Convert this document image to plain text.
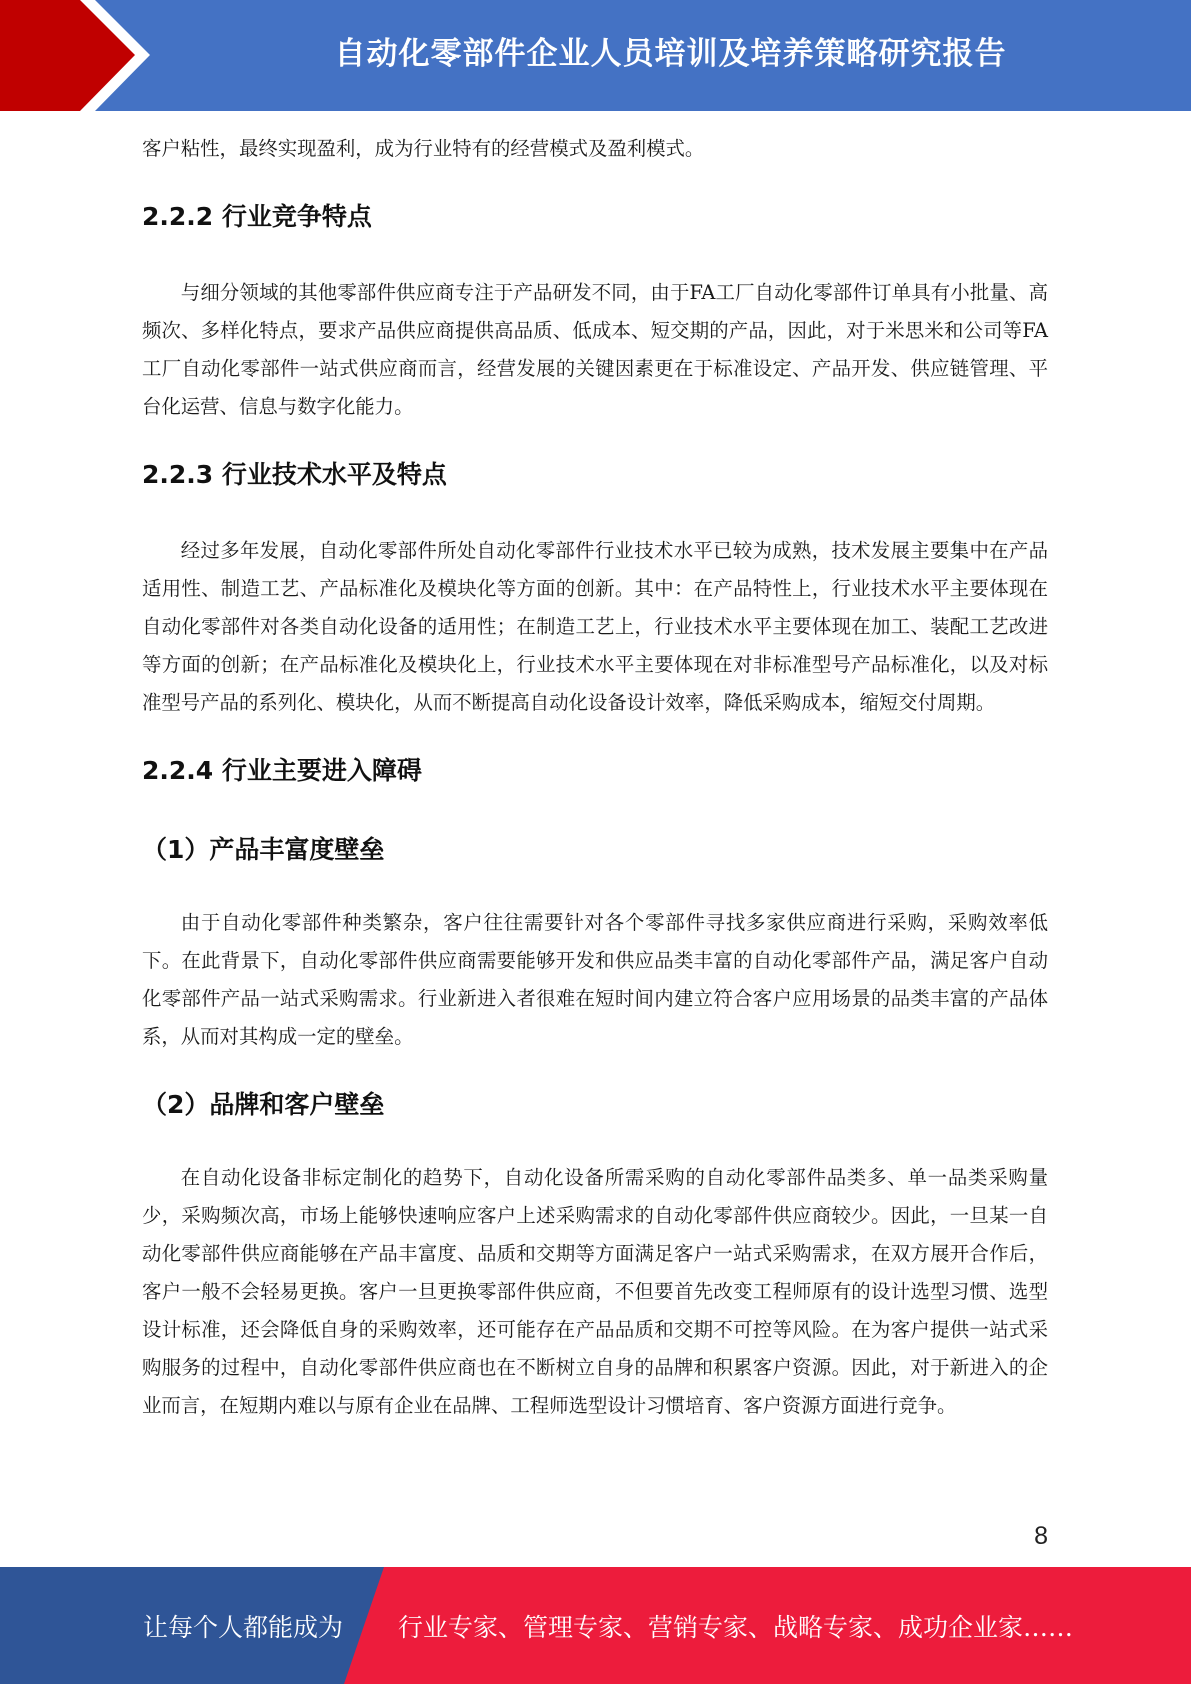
自动化零部件企业人员培训及培养策略研究报告

客户粘性，最终实现盈利，成为行业特有的经营模式及盈利模式。

2.2.2 行业竞争特点

与细分领域的其他零部件供应商专注于产品研发不同，由于FA工厂自动化零部件订单具有小批量、高频次、多样化特点，要求产品供应商提供高品质、低成本、短交期的产品，因此，对于米思米和公司等FA工厂自动化零部件一站式供应商而言，经营发展的关键因素更在于标准设定、产品开发、供应链管理、平台化运营、信息与数字化能力。

2.2.3 行业技术水平及特点

经过多年发展，自动化零部件所处自动化零部件行业技术水平已较为成熟，技术发展主要集中在产品适用性、制造工艺、产品标准化及模块化等方面的创新。其中：在产品特性上，行业技术水平主要体现在自动化零部件对各类自动化设备的适用性；在制造工艺上，行业技术水平主要体现在加工、装配工艺改进等方面的创新；在产品标准化及模块化上，行业技术水平主要体现在对非标准型号产品标准化，以及对标准型号产品的系列化、模块化，从而不断提高自动化设备设计效率，降低采购成本，缩短交付周期。

2.2.4 行业主要进入障碍
（1）产品丰富度壁垒

由于自动化零部件种类繁杂，客户往往需要针对各个零部件寻找多家供应商进行采购，采购效率低下。在此背景下，自动化零部件供应商需要能够开发和供应品类丰富的自动化零部件产品，满足客户自动化零部件产品一站式采购需求。行业新进入者很难在短时间内建立符合客户应用场景的品类丰富的产品体系，从而对其构成一定的壁垒。

（2）品牌和客户壁垒

在自动化设备非标定制化的趋势下，自动化设备所需采购的自动化零部件品类多、单一品类采购量少，采购频次高，市场上能够快速响应客户上述采购需求的自动化零部件供应商较少。因此，一旦某一自动化零部件供应商能够在产品丰富度、品质和交期等方面满足客户一站式采购需求，在双方展开合作后，客户一般不会轻易更换。客户一旦更换零部件供应商，不但要首先改变工程师原有的设计选型习惯、选型设计标准，还会降低自身的采购效率，还可能存在产品品质和交期不可控等风险。在为客户提供一站式采购服务的过程中，自动化零部件供应商也在不断树立自身的品牌和积累客户资源。因此，对于新进入的企业而言，在短期内难以与原有企业在品牌、工程师选型设计习惯培育、客户资源方面进行竞争。

8
让每个人都能成为 行业专家、管理专家、营销专家、战略专家、成功企业家……
